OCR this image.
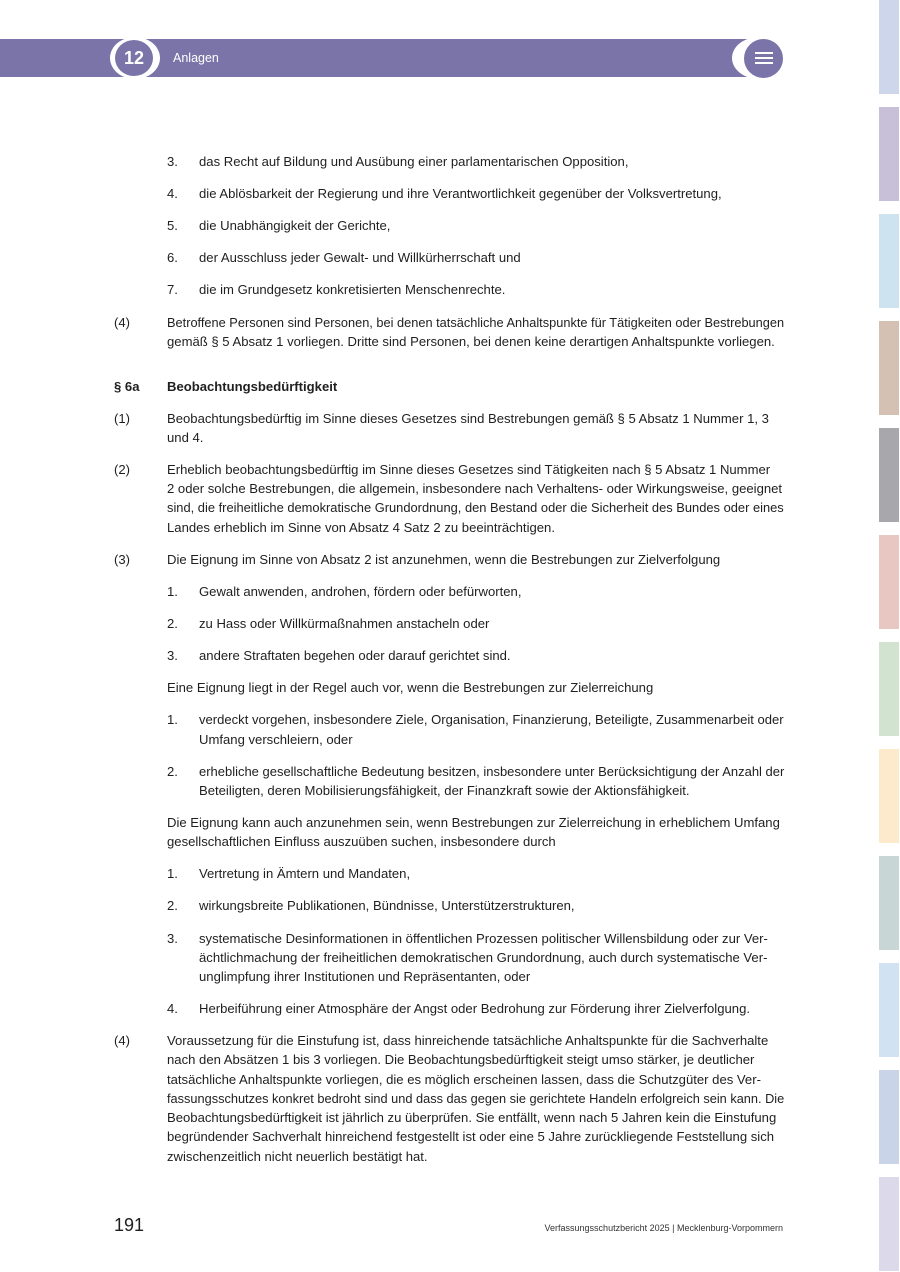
12	Anlagen
3. das Recht auf Bildung und Ausübung einer parlamentarischen Opposition,
4. die Ablösbarkeit der Regierung und ihre Verantwortlichkeit gegenüber der Volksvertretung,
5. die Unabhängigkeit der Gerichte,
6. der Ausschluss jeder Gewalt- und Willkürherrschaft und
7. die im Grundgesetz konkretisierten Menschenrechte.
(4)	Betroffene Personen sind Personen, bei denen tatsächliche Anhaltspunkte für Tätigkeiten oder Bestrebungen
gemäß § 5 Absatz 1 vorliegen. Dritte sind Personen, bei denen keine derartigen Anhaltspunkte vorliegen.
§ 6a Beobachtungsbedürftigkeit
(1)	Beobachtungsbedürftig im Sinne dieses Gesetzes sind Bestrebungen gemäß § 5 Absatz 1 Nummer 1, 3
und 4.
(2)	Erheblich beobachtungsbedürftig im Sinne dieses Gesetzes sind Tätigkeiten nach § 5 Absatz 1 Nummer
2 oder solche Bestrebungen, die allgemein, insbesondere nach Verhaltens- oder Wirkungsweise, geeignet
sind, die freiheitliche demokratische Grundordnung, den Bestand oder die Sicherheit des Bundes oder eines
Landes erheblich im Sinne von Absatz 4 Satz 2 zu beeinträchtigen.
(3)	Die Eignung im Sinne von Absatz 2 ist anzunehmen, wenn die Bestrebungen zur Zielverfolgung
1. Gewalt anwenden, androhen, fördern oder befürworten,
2. zu Hass oder Willkürmaßnahmen anstacheln oder
3. andere Straftaten begehen oder darauf gerichtet sind.
Eine Eignung liegt in der Regel auch vor, wenn die Bestrebungen zur Zielerreichung
1. verdeckt vorgehen, insbesondere Ziele, Organisation, Finanzierung, Beteiligte, Zusammenarbeit oder
Umfang verschleiern, oder
2. erhebliche gesellschaftliche Bedeutung besitzen, insbesondere unter Berücksichtigung der Anzahl der
Beteiligten, deren Mobilisierungsfähigkeit, der Finanzkraft sowie der Aktionsfähigkeit.
Die Eignung kann auch anzunehmen sein, wenn Bestrebungen zur Zielerreichung in erheblichem Umfang
gesellschaftlichen Einfluss auszuüben suchen, insbesondere durch
1. Vertretung in Ämtern und Mandaten,
2. wirkungsbreite Publikationen, Bündnisse, Unterstützerstrukturen,
3. systematische Desinformationen in öffentlichen Prozessen politischer Willensbildung oder zur Ver-
ächtlichmachung der freiheitlichen demokratischen Grundordnung, auch durch systematische Ver-
unglimpfung ihrer Institutionen und Repräsentanten, oder
4. Herbeiführung einer Atmosphäre der Angst oder Bedrohung zur Förderung ihrer Zielverfolgung.
(4)	Voraussetzung für die Einstufung ist, dass hinreichende tatsächliche Anhaltspunkte für die Sachverhalte
nach den Absätzen 1 bis 3 vorliegen. Die Beobachtungsbedürftigkeit steigt umso stärker, je deutlicher
tatsächliche Anhaltspunkte vorliegen, die es möglich erscheinen lassen, dass die Schutzgüter des Ver-
fassungsschutzes konkret bedroht sind und dass das gegen sie gerichtete Handeln erfolgreich sein kann. Die
Beobachtungsbedürftigkeit ist jährlich zu überprüfen. Sie entfällt, wenn nach 5 Jahren kein die Einstufung
begründender Sachverhalt hinreichend festgestellt ist oder eine 5 Jahre zurückliegende Feststellung sich
zwischenzeitlich nicht neuerlich bestätigt hat.
191	Verfassungsschutzbericht 2025 | Mecklenburg-Vorpommern
